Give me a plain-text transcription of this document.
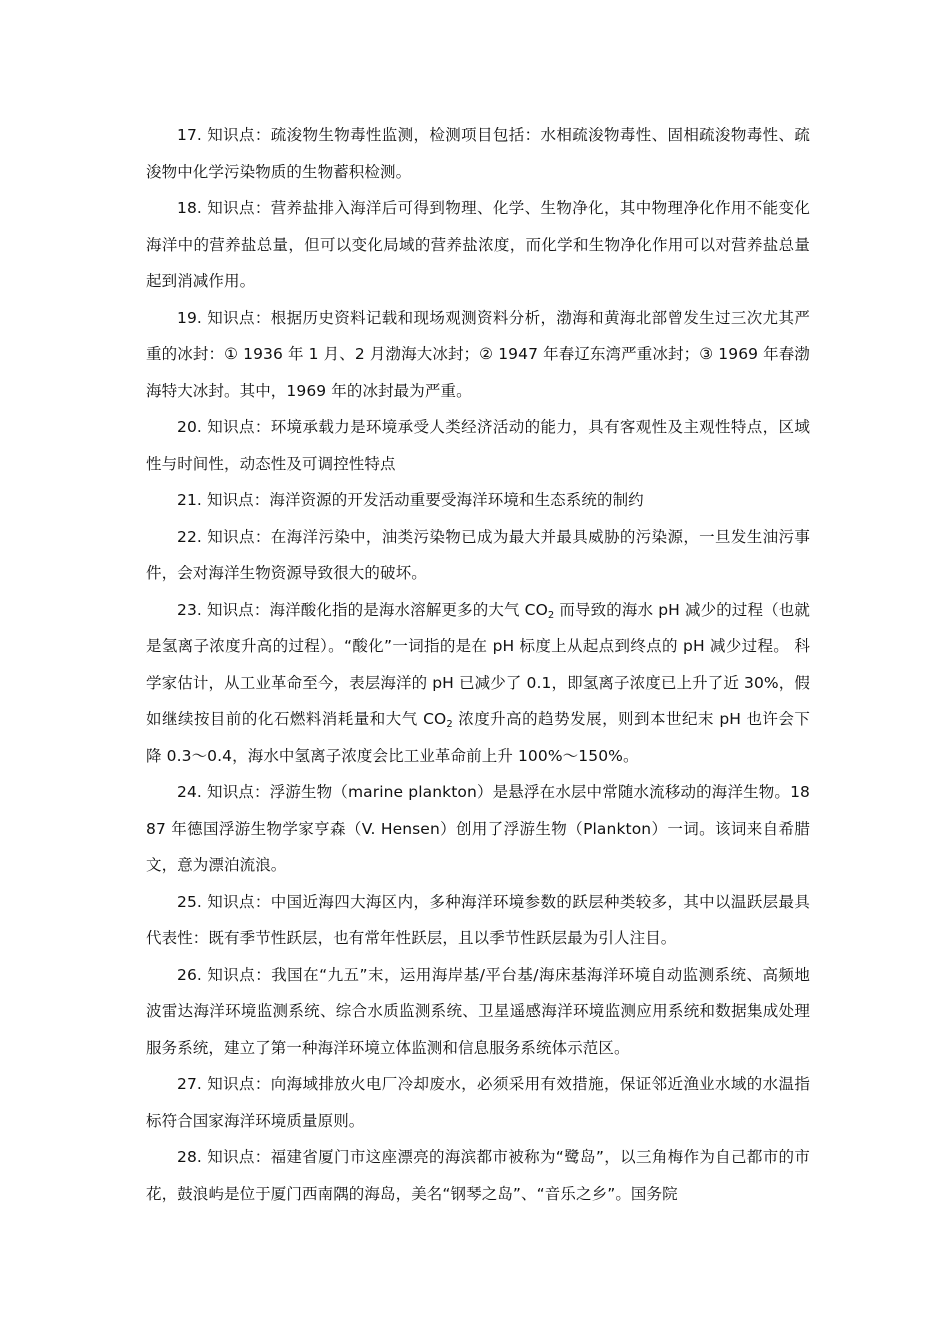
17. 知识点：疏浚物生物毒性监测，检测项目包括：水相疏浚物毒性、固相疏浚物毒性、疏浚物中化学污染物质的生物蓄积检测。

18. 知识点：营养盐排入海洋后可得到物理、化学、生物净化，其中物理净化作用不能变化海洋中的营养盐总量，但可以变化局域的营养盐浓度，而化学和生物净化作用可以对营养盐总量起到消减作用。

19. 知识点：根据历史资料记载和现场观测资料分析，渤海和黄海北部曾发生过三次尤其严重的冰封：① 1936 年 1 月、2 月渤海大冰封；② 1947 年春辽东湾严重冰封；③ 1969 年春渤海特大冰封。其中，1969 年的冰封最为严重。

20. 知识点：环境承载力是环境承受人类经济活动的能力，具有客观性及主观性特点，区域性与时间性，动态性及可调控性特点

21. 知识点：海洋资源的开发活动重要受海洋环境和生态系统的制约

22. 知识点：在海洋污染中，油类污染物已成为最大并最具威胁的污染源，一旦发生油污事件，会对海洋生物资源导致很大的破坏。

23. 知识点：海洋酸化指的是海水溶解更多的大气 $CO_2$ 而导致的海水 pH 减少的过程（也就是氢离子浓度升高的过程）。“酸化”一词指的是在 pH 标度上从起点到终点的 pH 减少过程。 科学家估计，从工业革命至今，表层海洋的 pH 已减少了 0.1，即氢离子浓度已上升了近 30%，假如继续按目前的化石燃料消耗量和大气 $CO_2$ 浓度升高的趋势发展，则到本世纪末 pH 也许会下降 0.3～0.4，海水中氢离子浓度会比工业革命前上升 100%～150%。

24. 知识点：浮游生物（marine plankton）是悬浮在水层中常随水流移动的海洋生物。1887 年德国浮游生物学家亨森（V. Hensen）创用了浮游生物（Plankton）一词。该词来自希腊文，意为漂泊流浪。

25. 知识点：中国近海四大海区内，多种海洋环境参数的跃层种类较多，其中以温跃层最具代表性：既有季节性跃层，也有常年性跃层，且以季节性跃层最为引人注目。

26. 知识点：我国在“九五”末，运用海岸基/平台基/海床基海洋环境自动监测系统、高频地波雷达海洋环境监测系统、综合水质监测系统、卫星遥感海洋环境监测应用系统和数据集成处理服务系统，建立了第一种海洋环境立体监测和信息服务系统体示范区。

27. 知识点：向海域排放火电厂冷却废水，必须采用有效措施，保证邻近渔业水域的水温指标符合国家海洋环境质量原则。

28. 知识点：福建省厦门市这座漂亮的海滨都市被称为“鹭岛”，以三角梅作为自己都市的市花，鼓浪屿是位于厦门西南隅的海岛，美名“钢琴之岛”、“音乐之乡”。国务院
